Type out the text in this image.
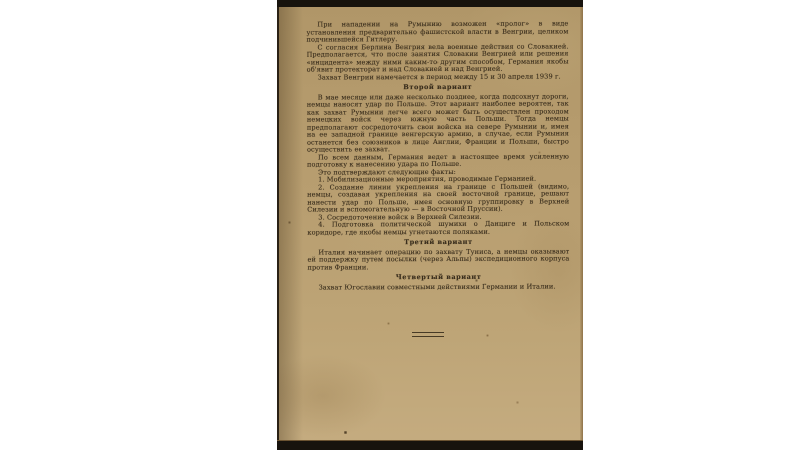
При нападении на Румынию возможен «пролог» в виде установления предварительно фашистской власти в Венгрии, целиком подчинившейся Гитлеру.

С согласия Берлина Венгрия вела военные действия со Словакией. Предполагается, что после занятия Словакии Венгрией или решения «инцидента» между ними каким-то другим способом, Германия якобы об'явит протекторат и над Словакией и над Венгрией.

Захват Венгрии намечается в период между 15 и 30 апреля 1939 г.

Второй вариант

В мае месяце или даже несколько позднее, когда подсохнут дороги, немцы наносят удар по Польше. Этот вариант наиболее вероятен, так как захват Румынии легче всего может быть осуществлен проходом немецких войск через южную часть Польши. Тогда немцы предполагают сосредоточить свои войска на севере Румынии и, имея на ее западной границе венгерскую армию, в случае, если Румыния останется без союзников в лице Англии, Франции и Польши, быстро осуществить ее захват.

По всем данным, Германия ведет в настоящее время усиленную подготовку к нанесению удара по Польше.

Это подтверждают следующие факты:

1. Мобилизационные мероприятия, проводимые Германией.

2. Создание линии укрепления на границе с Польшей (видимо, немцы, создавая укрепления на своей восточной границе, решают нанести удар по Польше, имея основную группировку в Верхней Силезии и вспомогательную — в Восточной Пруссии).

3. Сосредоточение войск в Верхней Силезии.

4. Подготовка политической шумихи о Данциге и Польском коридоре, где якобы немцы угнетаются поляками.

Третий вариант

Италия начинает операцию по захвату Туниса, а немцы оказывают ей поддержку путем посылки (через Альпы) экспедиционного корпуса против Франции.

Четвертый вариант

Захват Югославии совместными действиями Германии и Италии.
